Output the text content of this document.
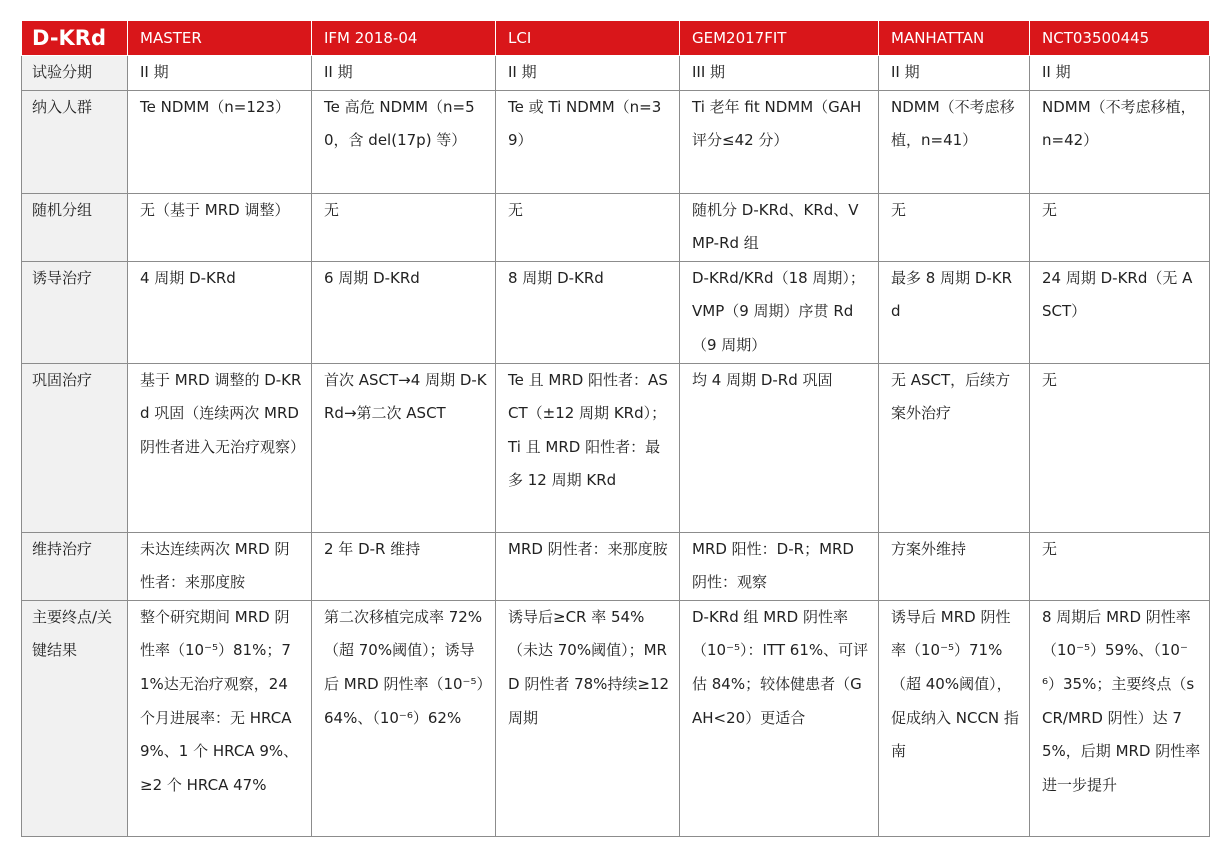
D-KRd	MASTER	IFM 2018-04	LCI	GEM2017FIT	MANHATTAN	NCT03500445
试验分期	II 期	II 期	II 期	III 期	II 期	II 期
纳入人群	Te NDMM（n=123）	Te 高危 NDMM（n=50，含 del(17p) 等）	Te 或 Ti NDMM（n=39）	Ti 老年 fit NDMM（GAH 评分≤42 分）	NDMM（不考虑移植，n=41）	NDMM（不考虑移植，n=42）
随机分组	无（基于 MRD 调整）	无	无	随机分 D-KRd、KRd、VMP-Rd 组	无	无
诱导治疗	4 周期 D-KRd	6 周期 D-KRd	8 周期 D-KRd	D-KRd/KRd（18 周期）；VMP（9 周期）序贯 Rd（9 周期）	最多 8 周期 D-KRd	24 周期 D-KRd（无 ASCT）
巩固治疗	基于 MRD 调整的 D-KRd 巩固（连续两次 MRD 阴性者进入无治疗观察）	首次 ASCT→4 周期 D-KRd→第二次 ASCT	Te 且 MRD 阳性者：ASCT（±12 周期 KRd）；Ti 且 MRD 阳性者：最多 12 周期 KRd	均 4 周期 D-Rd 巩固	无 ASCT，后续方案外治疗	无
维持治疗	未达连续两次 MRD 阴性者：来那度胺	2 年 D-R 维持	MRD 阴性者：来那度胺	MRD 阳性：D-R；MRD 阴性：观察	方案外维持	无
主要终点/关键结果	整个研究期间 MRD 阴性率（10⁻⁵）81%；71%达无治疗观察，24 个月进展率：无 HRCA 9%、1 个 HRCA 9%、≥2 个 HRCA 47%	第二次移植完成率 72%（超 70%阈值）；诱导后 MRD 阴性率（10⁻⁵）64%、（10⁻⁶）62%	诱导后≥CR 率 54%（未达 70%阈值）；MRD 阴性者 78%持续≥12 周期	D-KRd 组 MRD 阴性率（10⁻⁵）：ITT 61%、可评估 84%；较体健患者（GAH<20）更适合	诱导后 MRD 阴性率（10⁻⁵）71%（超 40%阈值），促成纳入 NCCN 指南	8 周期后 MRD 阴性率（10⁻⁵）59%、（10⁻⁶）35%；主要终点（sCR/MRD 阴性）达 75%，后期 MRD 阴性率进一步提升
